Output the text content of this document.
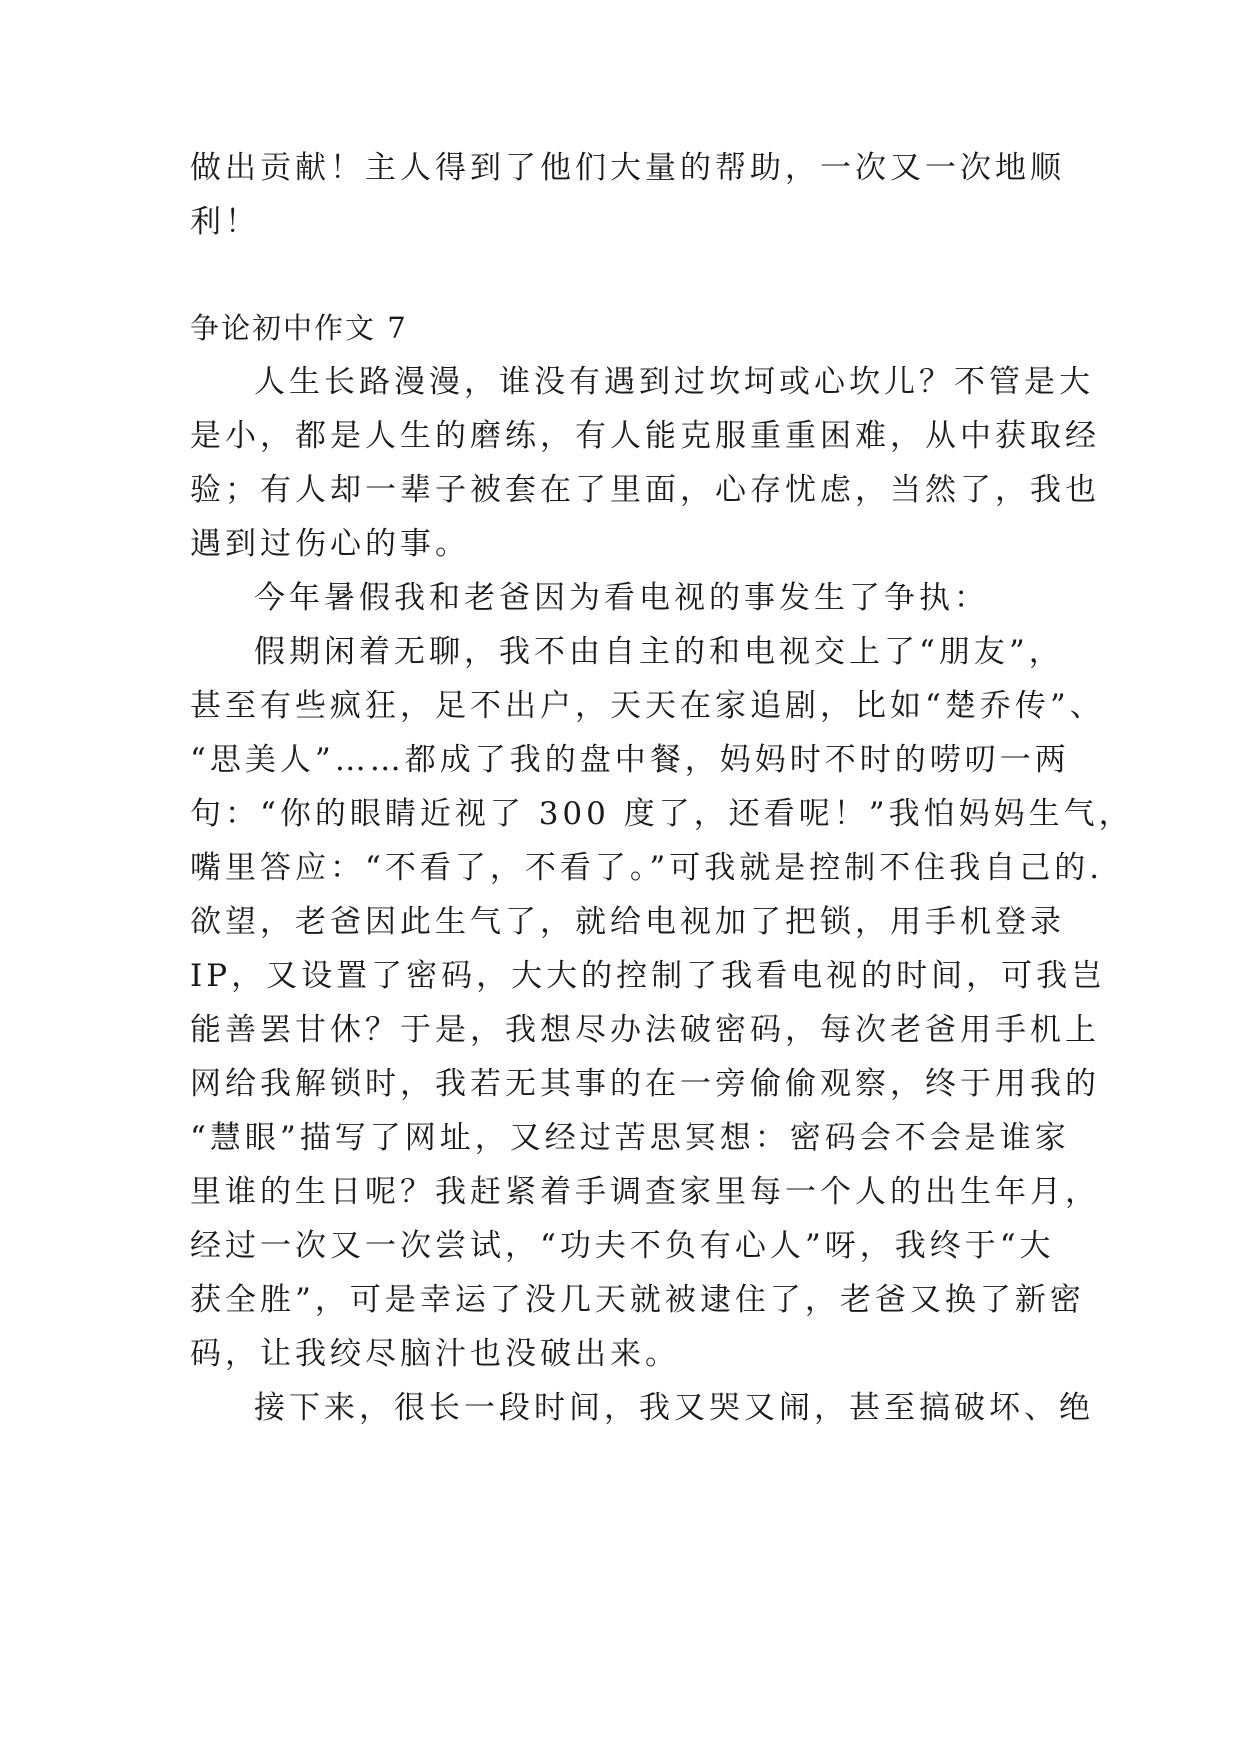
做出贡献！主人得到了他们大量的帮助，一次又一次地顺
利！
争论初中作文 7
人生长路漫漫，谁没有遇到过坎坷或心坎儿？不管是大
是小，都是人生的磨练，有人能克服重重困难，从中获取经
验；有人却一辈子被套在了里面，心存忧虑，当然了，我也
遇到过伤心的事。
今年暑假我和老爸因为看电视的事发生了争执：
假期闲着无聊，我不由自主的和电视交上了“朋友”，
甚至有些疯狂，足不出户，天天在家追剧，比如“楚乔传”、
“思美人”……都成了我的盘中餐，妈妈时不时的唠叨一两
句：“你的眼睛近视了 300 度了，还看呢！”我怕妈妈生气，
嘴里答应：“不看了，不看了。”可我就是控制不住我自己的.
欲望，老爸因此生气了，就给电视加了把锁，用手机登录
IP，又设置了密码，大大的控制了我看电视的时间，可我岂
能善罢甘休？于是，我想尽办法破密码，每次老爸用手机上
网给我解锁时，我若无其事的在一旁偷偷观察，终于用我的
“慧眼”描写了网址，又经过苦思冥想：密码会不会是谁家
里谁的生日呢？我赶紧着手调查家里每一个人的出生年月，
经过一次又一次尝试，“功夫不负有心人”呀，我终于“大
获全胜”，可是幸运了没几天就被逮住了，老爸又换了新密
码，让我绞尽脑汁也没破出来。
接下来，很长一段时间，我又哭又闹，甚至搞破坏、绝
